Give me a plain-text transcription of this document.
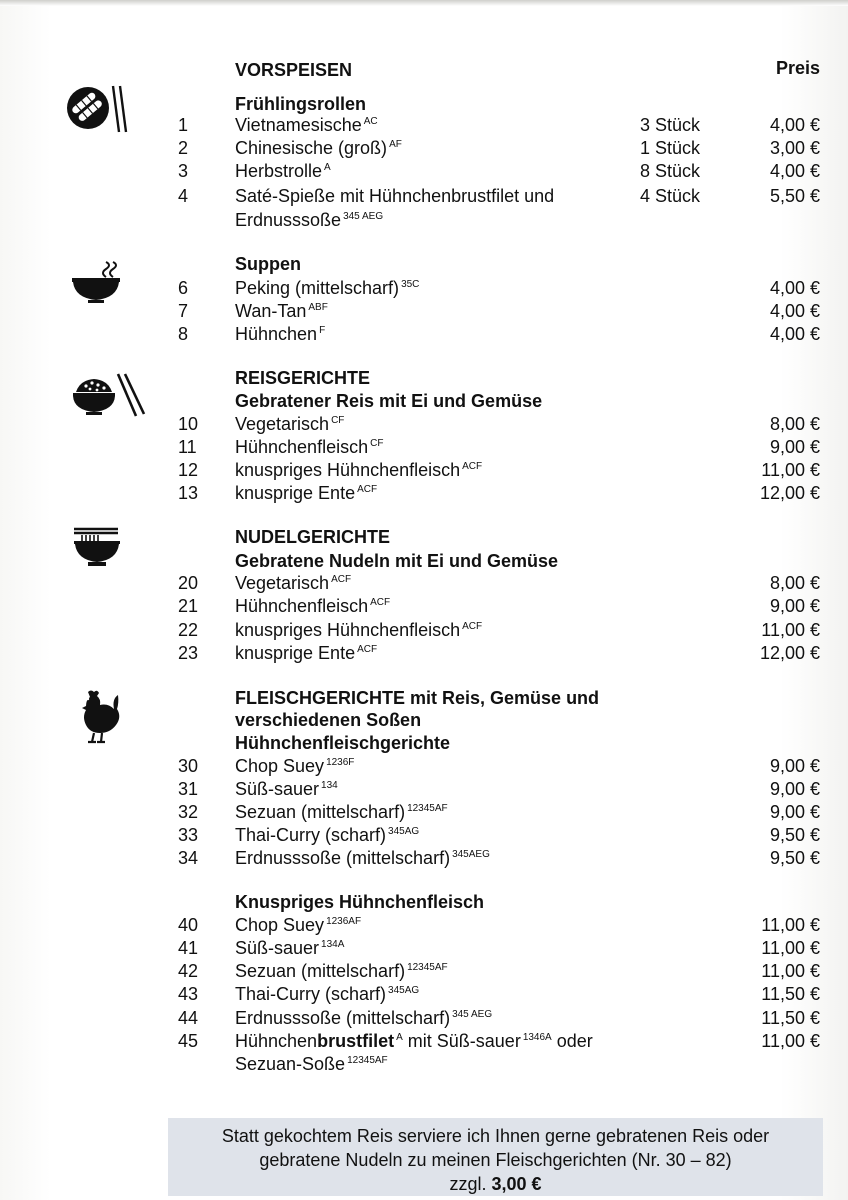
VORSPEISEN	Preis
Frühlingsrollen
1	Vietnamesische $^{AC}$	3 Stück	4,00 €
2	Chinesische (groß) $^{AF}$	1 Stück	3,00 €
3	Herbstrolle $^A$	8 Stück	4,00 €
4	Saté-Spieße mit Hühnchenbrustfilet und	4 Stück	5,50 €
Erdnusssoße $^{345 AEG}$
Suppen
6	Peking (mittelscharf) $^{35C}$	4,00 €
7	Wan-Tan $^{ABF}$	4,00 €
8	Hühnchen $^F$	4,00 €
REISGERICHTE
Gebratener Reis mit Ei und Gemüse
10	Vegetarisch $^{CF}$	8,00 €
11	Hühnchenfleisch $^{CF}$	9,00 €
12	knuspriges Hühnchenfleisch $^{ACF}$	11,00 €
13	knusprige Ente $^{ACF}$	12,00 €
NUDELGERICHTE
Gebratene Nudeln mit Ei und Gemüse
20	Vegetarisch $^{ACF}$	8,00 €
21	Hühnchenfleisch $^{ACF}$	9,00 €
22	knuspriges Hühnchenfleisch $^{ACF}$	11,00 €
23	knusprige Ente $^{ACF}$	12,00 €
FLEISCHGERICHTE mit Reis, Gemüse und
verschiedenen Soßen
Hühnchenfleischgerichte
30	Chop Suey $^{1236F}$	9,00 €
31	Süß-sauer $^{134}$	9,00 €
32	Sezuan (mittelscharf) $^{12345AF}$	9,00 €
33	Thai-Curry (scharf) $^{345AG}$	9,50 €
34	Erdnusssoße (mittelscharf) $^{345AEG}$	9,50 €
Knuspriges Hühnchenfleisch
40	Chop Suey $^{1236AF}$	11,00 €
41	Süß-sauer $^{134A}$	11,00 €
42	Sezuan (mittelscharf) $^{12345AF}$	11,00 €
43	Thai-Curry (scharf) $^{345AG}$	11,50 €
44	Erdnusssoße (mittelscharf) $^{345 AEG}$	11,50 €
45	Hühnchenbrustfilet $^A$ mit Süß-sauer $^{1346A}$ oder	11,00 €
Sezuan-Soße $^{12345AF}$
Statt gekochtem Reis serviere ich Ihnen gerne gebratenen Reis oder
gebratene Nudeln zu meinen Fleischgerichten (Nr. 30 – 82)
zzgl. 3,00 €
